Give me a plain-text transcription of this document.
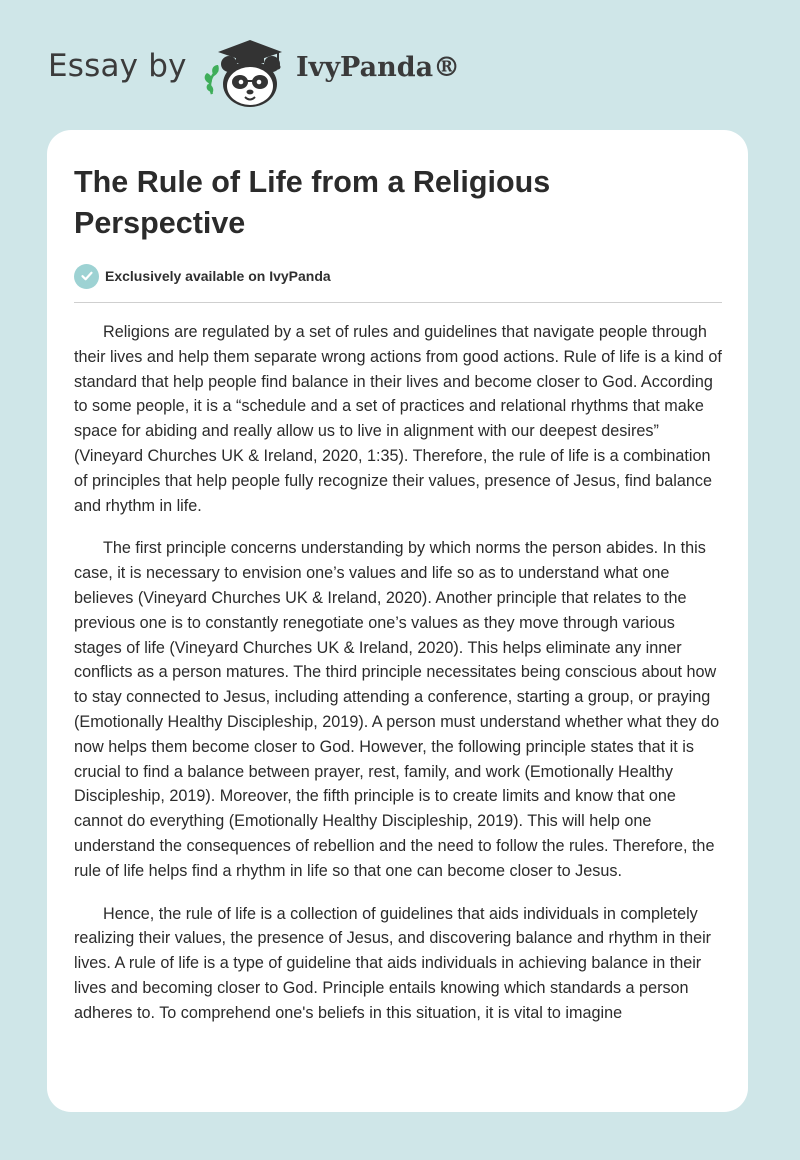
Essay by	IvyPanda®
The Rule of Life from a Religious Perspective
Exclusively available on IvyPanda

Religions are regulated by a set of rules and guidelines that navigate people through their lives and help them separate wrong actions from good actions. Rule of life is a kind of standard that help people find balance in their lives and become closer to God. According to some people, it is a “schedule and a set of practices and relational rhythms that make space for abiding and really allow us to live in alignment with our deepest desires” (Vineyard Churches UK & Ireland, 2020, 1:35). Therefore, the rule of life is a combination of principles that help people fully recognize their values, presence of Jesus, find balance and rhythm in life.

The first principle concerns understanding by which norms the person abides. In this case, it is necessary to envision one’s values and life so as to understand what one believes (Vineyard Churches UK & Ireland, 2020). Another principle that relates to the previous one is to constantly renegotiate one’s values as they move through various stages of life (Vineyard Churches UK & Ireland, 2020). This helps eliminate any inner conflicts as a person matures. The third principle necessitates being conscious about how to stay connected to Jesus, including attending a conference, starting a group, or praying (Emotionally Healthy Discipleship, 2019). A person must understand whether what they do now helps them become closer to God. However, the following principle states that it is crucial to find a balance between prayer, rest, family, and work (Emotionally Healthy Discipleship, 2019). Moreover, the fifth principle is to create limits and know that one cannot do everything (Emotionally Healthy Discipleship, 2019). This will help one understand the consequences of rebellion and the need to follow the rules. Therefore, the rule of life helps find a rhythm in life so that one can become closer to Jesus.

Hence, the rule of life is a collection of guidelines that aids individuals in completely realizing their values, the presence of Jesus, and discovering balance and rhythm in their lives. A rule of life is a type of guideline that aids individuals in achieving balance in their lives and becoming closer to God. Principle entails knowing which standards a person adheres to. To comprehend one's beliefs in this situation, it is vital to imagine
